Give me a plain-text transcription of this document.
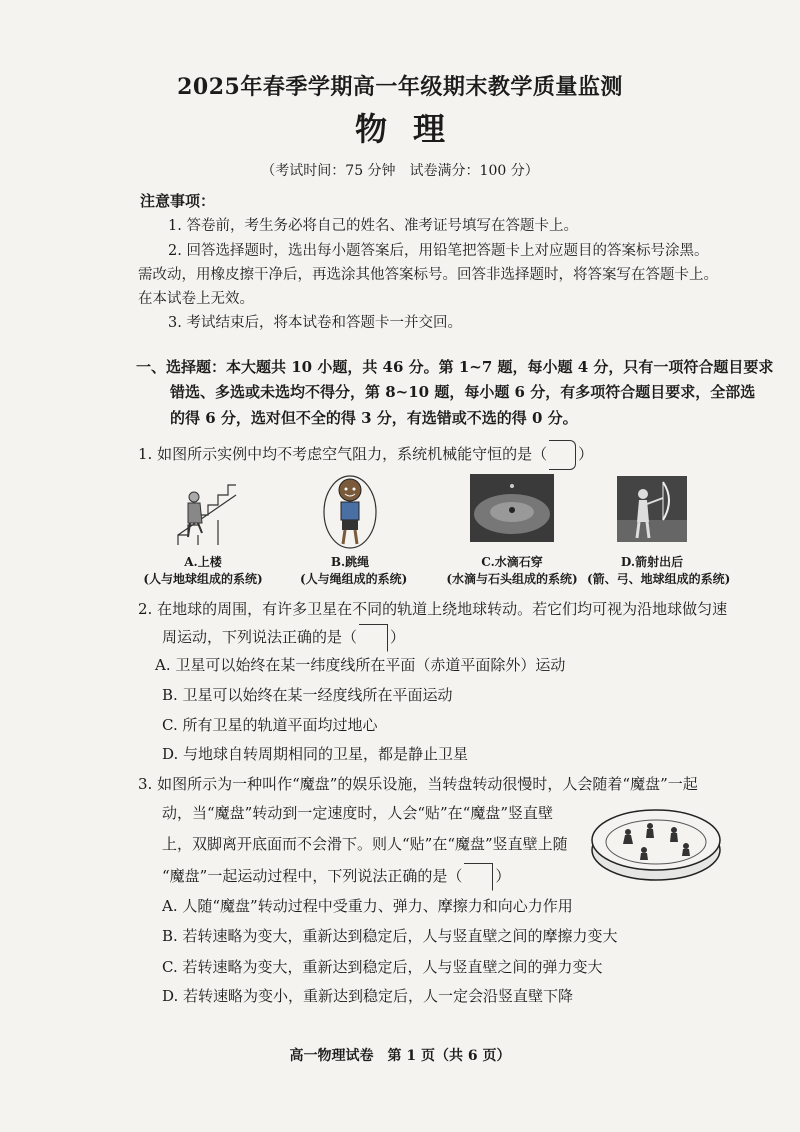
2025年春季学期高一年级期末教学质量监测
物理
（考试时间：75 分钟　试卷满分：100 分）
注意事项：
1. 答卷前，考生务必将自己的姓名、准考证号填写在答题卡上。
2. 回答选择题时，选出每小题答案后，用铅笔把答题卡上对应题目的答案标号涂黑。
需改动，用橡皮擦干净后，再选涂其他答案标号。回答非选择题时，将答案写在答题卡上。
在本试卷上无效。
3. 考试结束后，将本试卷和答题卡一并交回。
一、选择题：本大题共 10 小题，共 46 分。第 1~7 题，每小题 4 分，只有一项符合题目要求
错选、多选或未选均不得分，第 8~10 题，每小题 6 分，有多项符合题目要求，全部选
的得 6 分，选对但不全的得 3 分，有选错或不选的得 0 分。
1. 如图所示实例中均不考虑空气阻力，系统机械能守恒的是（ ）
A.上楼
(人与地球组成的系统)
B.跳绳
(人与绳组成的系统)
C.水滴石穿
(水滴与石头组成的系统)
D.箭射出后
(箭、弓、地球组成的系统)
2. 在地球的周围，有许多卫星在不同的轨道上绕地球转动。若它们均可视为沿地球做匀速
周运动，下列说法正确的是（ ）
A. 卫星可以始终在某一纬度线所在平面（赤道平面除外）运动
B. 卫星可以始终在某一经度线所在平面运动
C. 所有卫星的轨道平面均过地心
D. 与地球自转周期相同的卫星，都是静止卫星
3. 如图所示为一种叫作“魔盘”的娱乐设施，当转盘转动很慢时，人会随着“魔盘”一起
动，当“魔盘”转动到一定速度时，人会“贴”在“魔盘”竖直壁
上，双脚离开底面而不会滑下。则人“贴”在“魔盘”竖直壁上随
“魔盘”一起运动过程中，下列说法正确的是（ ）
A. 人随“魔盘”转动过程中受重力、弹力、摩擦力和向心力作用
B. 若转速略为变大，重新达到稳定后，人与竖直壁之间的摩擦力变大
C. 若转速略为变大，重新达到稳定后，人与竖直壁之间的弹力变大
D. 若转速略为变小，重新达到稳定后，人一定会沿竖直壁下降
高一物理试卷　第 1 页（共 6 页）
